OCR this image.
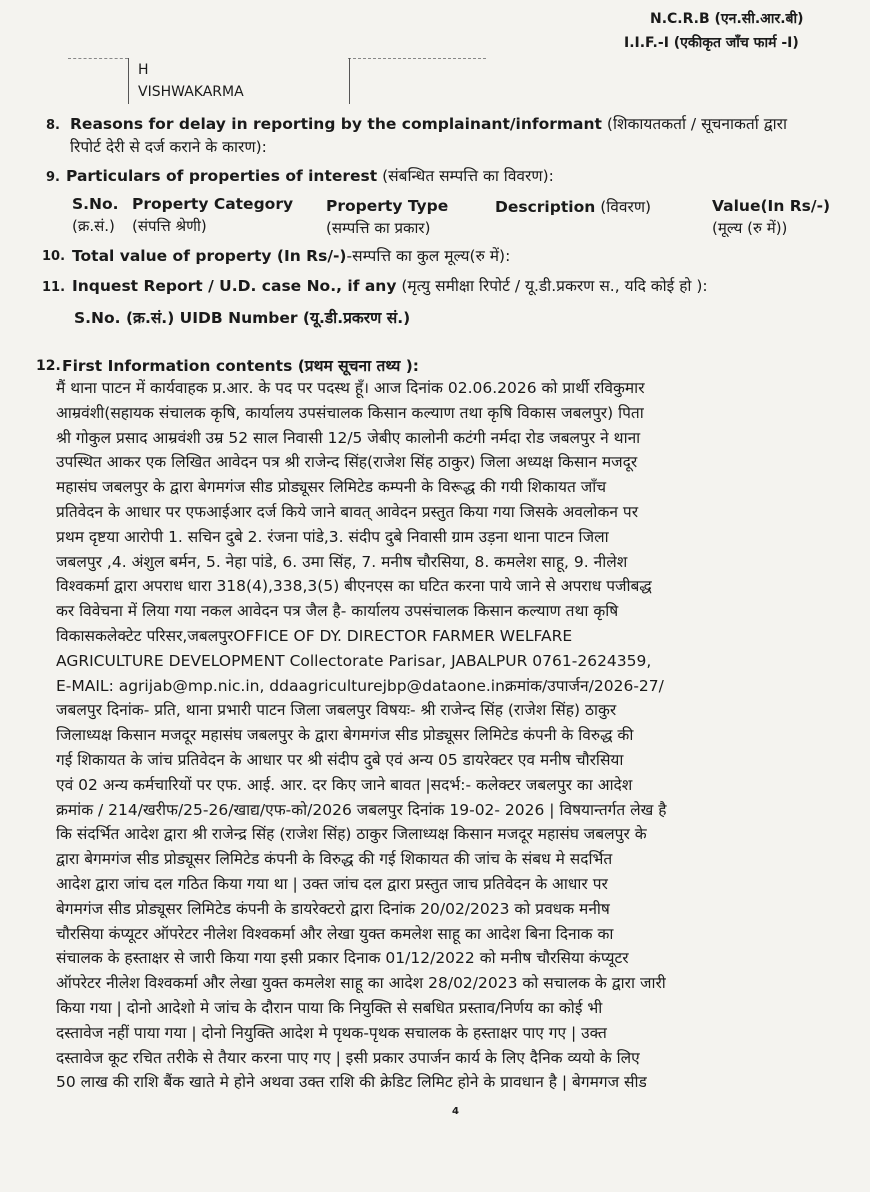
N.C.R.B (एन.सी.आर.बी)
I.I.F.-I (एकीकृत जाँच फार्म -I)
H
VISHWAKARMA
8. Reasons for delay in reporting by the complainant/informant (शिकायतकर्ता / सूचनाकर्ता द्वारा
रिपोर्ट देरी से दर्ज कराने के कारण):
9. Particulars of properties of interest (संबन्धित सम्पत्ति का विवरण):
S.No.
(क्र.सं.)
Property Category
(संपत्ति श्रेणी)
Property Type
(सम्पत्ति का प्रकार)
Description (विवरण)	Value(In Rs/-)
(मूल्य (रु में))
10. Total value of property (In Rs/-)-सम्पत्ति का कुल मूल्य(रु में):
11. Inquest Report / U.D. case No., if any (मृत्यु समीक्षा रिपोर्ट / यू.डी.प्रकरण स., यदि कोई हो ):
S.No. (क्र.सं.) UIDB Number (यू.डी.प्रकरण सं.)
12. First Information contents (प्रथम सूचना तथ्य ):
मैं थाना पाटन में कार्यवाहक प्र.आर. के पद पर पदस्थ हूँ। आज दिनांक 02.06.2026 को प्रार्थी रविकुमार
आम्रवंशी(सहायक संचालक कृषि, कार्यालय उपसंचालक किसान कल्याण तथा कृषि विकास जबलपुर) पिता
श्री गोकुल प्रसाद आम्रवंशी उम्र 52 साल निवासी 12/5 जेबीए कालोनी कटंगी नर्मदा रोड जबलपुर ने थाना
उपस्थित आकर एक लिखित आवेदन पत्र श्री राजेन्द सिंह(राजेश सिंह ठाकुर) जिला अध्यक्ष किसान मजदूर
महासंघ जबलपुर के द्वारा बेगमगंज सीड प्रोड्यूसर लिमिटेड कम्पनी के विरूद्ध की गयी शिकायत जाँच
प्रतिवेदन के आधार पर एफआईआर दर्ज किये जाने बावत् आवेदन प्रस्तुत किया गया जिसके अवलोकन पर
प्रथम दृष्टया आरोपी 1. सचिन दुबे 2. रंजना पांडे,3. संदीप दुबे निवासी ग्राम उड़ना थाना पाटन जिला
जबलपुर ,4. अंशुल बर्मन, 5. नेहा पांडे, 6. उमा सिंह, 7. मनीष चौरसिया, 8. कमलेश साहू, 9. नीलेश
विश्वकर्मा द्वारा अपराध धारा 318(4),338,3(5) बीएनएस का घटित करना पाये जाने से अपराध पजीबद्ध
कर विवेचना में लिया गया नकल आवेदन पत्र जैल है- कार्यालय उपसंचालक किसान कल्याण तथा कृषि
विकासकलेक्टेट परिसर,जबलपुरOFFICE OF DY. DIRECTOR FARMER WELFARE
AGRICULTURE DEVELOPMENT Collectorate Parisar, JABALPUR 0761-2624359,
E-MAIL: agrijab@mp.nic.in, ddaagriculturejbp@dataone.inक्रमांक/उपार्जन/2026-27/
जबलपुर दिनांक- प्रति, थाना प्रभारी पाटन जिला जबलपुर विषयः- श्री राजेन्द सिंह (राजेश सिंह) ठाकुर
जिलाध्यक्ष किसान मजदूर महासंघ जबलपुर के द्वारा बेगमगंज सीड प्रोड्यूसर लिमिटेड कंपनी के विरुद्ध की
गई शिकायत के जांच प्रतिवेदन के आधार पर श्री संदीप दुबे एवं अन्य 05 डायरेक्टर एव मनीष चौरसिया
एवं 02 अन्य कर्मचारियों पर एफ. आई. आर. दर किए जाने बावत |सदर्भ:- कलेक्टर जबलपुर का आदेश
क्रमांक / 214/खरीफ/25-26/खाद्य/एफ-को/2026 जबलपुर दिनांक 19-02- 2026 | विषयान्तर्गत लेख है
कि संदर्भित आदेश द्वारा श्री राजेन्द्र सिंह (राजेश सिंह) ठाकुर जिलाध्यक्ष किसान मजदूर महासंघ जबलपुर के
द्वारा बेगमगंज सीड प्रोड्यूसर लिमिटेड कंपनी के विरुद्ध की गई शिकायत की जांच के संबध मे सदर्भित
आदेश द्वारा जांच दल गठित किया गया था | उक्त जांच दल द्वारा प्रस्तुत जाच प्रतिवेदन के आधार पर
बेगमगंज सीड प्रोड्यूसर लिमिटेड कंपनी के डायरेक्टरो द्वारा दिनांक 20/02/2023 को प्रवधक मनीष
चौरसिया कंप्यूटर ऑपरेटर नीलेश विश्वकर्मा और लेखा युक्त कमलेश साहू का आदेश बिना दिनाक का
संचालक के हस्ताक्षर से जारी किया गया इसी प्रकार दिनाक 01/12/2022 को मनीष चौरसिया कंप्यूटर
ऑपरेटर नीलेश विश्वकर्मा और लेखा युक्त कमलेश साहू का आदेश 28/02/2023 को सचालक के द्वारा जारी
किया गया | दोनो आदेशो मे जांच के दौरान पाया कि नियुक्ति से सबधित प्रस्ताव/निर्णय का कोई भी
दस्तावेज नहीं पाया गया | दोनो नियुक्ति आदेश मे पृथक-पृथक सचालक के हस्ताक्षर पाए गए | उक्त
दस्तावेज कूट रचित तरीके से तैयार करना पाए गए | इसी प्रकार उपार्जन कार्य के लिए दैनिक व्ययो के लिए
50 लाख की राशि बैंक खाते मे होने अथवा उक्त राशि की क्रेडिट लिमिट होने के प्रावधान है | बेगमगज सीड
4
